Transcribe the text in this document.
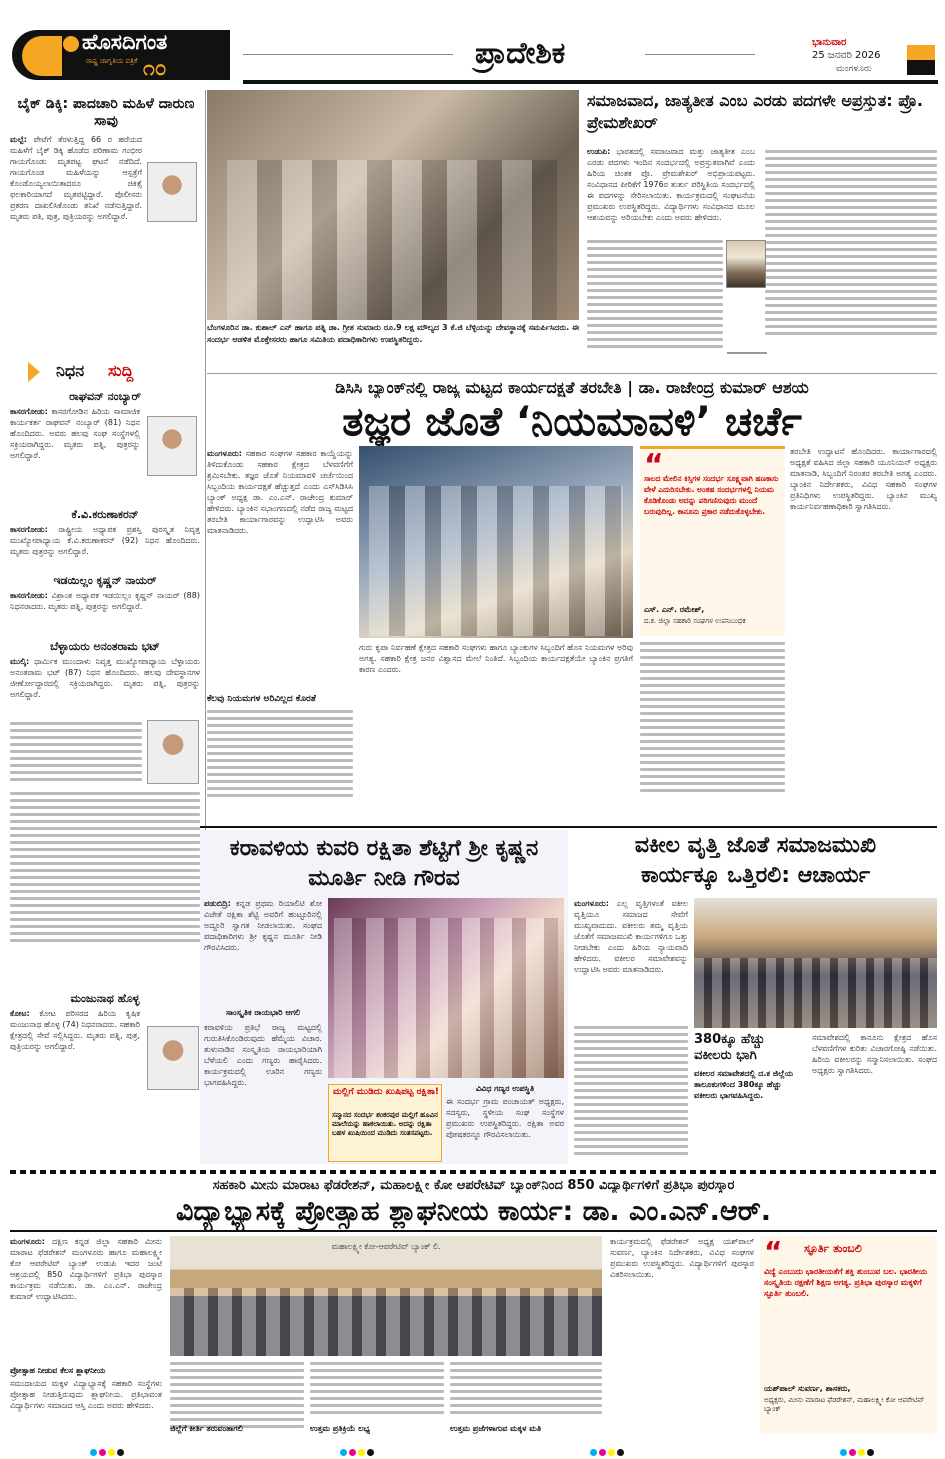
ಹೊಸದಿಗಂತ
ರಾಷ್ಟ್ರ ಜಾಗೃತಿಯ ಪತ್ರಿಕೆ ೧೦	ಪ್ರಾದೇಶಿಕ	ಭಾನುವಾರ
25 ಜನವರಿ 2026
ಮಂಗಳೂರು
ಬೈಕ್ ಡಿಕ್ಕಿ: ಪಾದಚಾರಿ ಮಹಿಳೆ ದಾರುಣ ಸಾವು
ಮಲ್ಪೆ: ಪೇಟೆಗೆ ತೆರಳುತ್ತಿದ್ದ 66 ರ ಹರೆಯದ ಮಹಿಳೆಗೆ ಬೈಕ್ ಡಿಕ್ಕಿ ಹೊಡೆದ ಪರಿಣಾಮ ಗಂಭೀರ ಗಾಯಗೊಂಡು ಮೃತಪಟ್ಟ ಘಟನೆ ನಡೆದಿದೆ. ಗಾಯಗೊಂಡ ಮಹಿಳೆಯನ್ನು ಆಸ್ಪತ್ರೆಗೆ ಕೊಂಡೊಯ್ಯಲಾಯಿತಾದರೂ ಚಿಕಿತ್ಸೆ ಫಲಕಾರಿಯಾಗದೆ ಮೃತಪಟ್ಟಿದ್ದಾರೆ. ಪೊಲೀಸರು ಪ್ರಕರಣ ದಾಖಲಿಸಿಕೊಂಡು ತನಿಖೆ ನಡೆಸುತ್ತಿದ್ದಾರೆ. ಮೃತರು ಪತಿ, ಪುತ್ರ, ಪುತ್ರಿಯರನ್ನು ಅಗಲಿದ್ದಾರೆ.
ನಿಧನ ಸುದ್ದಿ
ರಾಘವನ್ ನಂಬ್ಯಾರ್
ಕಾಸರಗೋಡು: ಕಾಸರಗೋಡಿನ ಹಿರಿಯ ಸಾಮಾಜಿಕ ಕಾರ್ಯಕರ್ತ ರಾಘವನ್ ನಂಬ್ಯಾರ್ (81) ನಿಧನ ಹೊಂದಿದರು. ಅವರು ಹಲವು ಸಂಘ ಸಂಸ್ಥೆಗಳಲ್ಲಿ ಸಕ್ರಿಯರಾಗಿದ್ದರು. ಮೃತರು ಪತ್ನಿ, ಪುತ್ರರನ್ನು ಅಗಲಿದ್ದಾರೆ.
ಕೆ.ವಿ.ಕರುಣಾಕರನ್
ಕಾಸರಗೋಡು: ರಾಷ್ಟ್ರೀಯ ಅಧ್ಯಾಪಕ ಪ್ರಶಸ್ತಿ ಪುರಸ್ಕೃತ ನಿವೃತ್ತ ಮುಖ್ಯೋಪಾಧ್ಯಾಯ ಕೆ.ವಿ.ಕರುಣಾಕರನ್ (92) ನಿಧನ ಹೊಂದಿದರು. ಮೃತರು ಪುತ್ರರನ್ನು ಅಗಲಿದ್ದಾರೆ.
ಇಡಯಿಲ್ಲಂ ಕೃಷ್ಣನ್ ನಾಯರ್
ಕಾಸರಗೋಡು: ವಿಶ್ರಾಂತ ಅಧ್ಯಾಪಕ ಇಡಯಿಲ್ಲಂ ಕೃಷ್ಣನ್ ನಾಯರ್ (88) ನಿಧನರಾದರು. ಮೃತರು ಪತ್ನಿ, ಪುತ್ರರನ್ನು ಅಗಲಿದ್ದಾರೆ.
ಬೆಳ್ಳಾಯರು ಅನಂತರಾಮ ಭಟ್
ಮುಲ್ಕಿ: ಧಾರ್ಮಿಕ ಮುಂದಾಳು ನಿವೃತ್ತ ಮುಖ್ಯೋಪಾಧ್ಯಾಯ ಬೆಳ್ಳಾಯರು ಅನಂತರಾಮ ಭಟ್ (87) ನಿಧನ ಹೊಂದಿದರು. ಹಲವು ದೇವಸ್ಥಾನಗಳ ಜೀರ್ಣೋದ್ಧಾರದಲ್ಲಿ ಸಕ್ರಿಯರಾಗಿದ್ದರು. ಮೃತರು ಪತ್ನಿ, ಪುತ್ರರನ್ನು ಅಗಲಿದ್ದಾರೆ.
ಮಂಜುನಾಥ ಹೊಳ್ಳ
ಕೋಟ: ಕೋಟ ಪರಿಸರದ ಹಿರಿಯ ಕೃಷಿಕ ಮಂಜುನಾಥ ಹೊಳ್ಳ (74) ನಿಧನರಾದರು. ಸಹಕಾರಿ ಕ್ಷೇತ್ರದಲ್ಲಿ ಸೇವೆ ಸಲ್ಲಿಸಿದ್ದರು. ಮೃತರು ಪತ್ನಿ, ಪುತ್ರ, ಪುತ್ರಿಯರನ್ನು ಅಗಲಿದ್ದಾರೆ.
ಬೆಂಗಳೂರಿನ ಡಾ. ಕುಶಾಲ್ ಎನ್ ಹಾಗೂ ಪತ್ನಿ ಡಾ. ಗ್ರೀತ ಸುಮಾರು ರೂ.9 ಲಕ್ಷ ಮೌಲ್ಯದ 3 ಕೆ.ಜಿ ಬೆಳ್ಳಿಯನ್ನು ದೇವಸ್ಥಾನಕ್ಕೆ ಸಮರ್ಪಿಸಿದರು. ಈ ಸಂದರ್ಭ ಆಡಳಿತ ಮೊಕ್ತೇಸರರು ಹಾಗೂ ಸಮಿತಿಯ ಪದಾಧಿಕಾರಿಗಳು ಉಪಸ್ಥಿತರಿದ್ದರು.
ಸಮಾಜವಾದ, ಜಾತ್ಯತೀತ ಎಂಬ ಎರಡು ಪದಗಳೇ ಅಪ್ರಸ್ತುತ: ಪ್ರೊ. ಪ್ರೇಮಶೇಖರ್
ಉಡುಪಿ: ಭಾರತದಲ್ಲಿ ಸಮಾಜವಾದ ಮತ್ತು ಜಾತ್ಯತೀತ ಎಂಬ ಎರಡು ಪದಗಳು ಇಂದಿನ ಸಂದರ್ಭದಲ್ಲಿ ಅಪ್ರಸ್ತುತವಾಗಿವೆ ಎಂದು ಹಿರಿಯ ಚಿಂತಕ ಪ್ರೊ. ಪ್ರೇಮಶೇಖರ್ ಅಭಿಪ್ರಾಯಪಟ್ಟರು. ಸಂವಿಧಾನದ ಪೀಠಿಕೆಗೆ 1976ರ ತುರ್ತು ಪರಿಸ್ಥಿತಿಯ ಸಂದರ್ಭದಲ್ಲಿ ಈ ಪದಗಳನ್ನು ಸೇರಿಸಲಾಯಿತು. ಕಾರ್ಯಕ್ರಮದಲ್ಲಿ ಸಂಘಟನೆಯ ಪ್ರಮುಖರು ಉಪಸ್ಥಿತರಿದ್ದರು. ವಿದ್ಯಾರ್ಥಿಗಳು ಸಂವಿಧಾನದ ಮೂಲ ಆಶಯವನ್ನು ಅರಿಯಬೇಕು ಎಂದು ಅವರು ಹೇಳಿದರು.
ಡಿಸಿಸಿ ಬ್ಯಾಂಕ್‌ನಲ್ಲಿ ರಾಜ್ಯ ಮಟ್ಟದ ಕಾರ್ಯದಕ್ಷತೆ ತರಬೇತಿ | ಡಾ. ರಾಜೇಂದ್ರ ಕುಮಾರ್ ಆಶಯ
ತಜ್ಞರ ಜೊತೆ ‘ನಿಯಮಾವಳಿ’ ಚರ್ಚೆ
ಮಂಗಳೂರು: ಸಹಕಾರ ಸಂಘಗಳ ಸಹಕಾರ ಕಾಯ್ದೆಯನ್ನು ತಿಳಿದುಕೊಂಡು ಸಹಕಾರ ಕ್ಷೇತ್ರದ ಬೆಳವಣಿಗೆಗೆ ಶ್ರಮಿಸಬೇಕು. ತಜ್ಞರ ಜೊತೆ ನಿಯಮಾವಳಿ ಚರ್ಚೆಯಿಂದ ಸಿಬ್ಬಂದಿಯ ಕಾರ್ಯದಕ್ಷತೆ ಹೆಚ್ಚುತ್ತದೆ ಎಂದು ಎಸ್‌ಸಿಡಿಸಿಸಿ ಬ್ಯಾಂಕ್ ಅಧ್ಯಕ್ಷ ಡಾ. ಎಂ.ಎನ್. ರಾಜೇಂದ್ರ ಕುಮಾರ್ ಹೇಳಿದರು. ಬ್ಯಾಂಕಿನ ಸಭಾಂಗಣದಲ್ಲಿ ನಡೆದ ರಾಜ್ಯ ಮಟ್ಟದ ತರಬೇತಿ ಕಾರ್ಯಾಗಾರವನ್ನು ಉದ್ಘಾಟಿಸಿ ಅವರು ಮಾತನಾಡಿದರು.
ಕೆಲವು ನಿಯಮಗಳ ಅರಿವಿಲ್ಲದ ಕೊರತೆ
ಗುರು ಕೃಪಾ ನಿರ್ವಹಣೆ ಕ್ಷೇತ್ರದ ಸಹಕಾರಿ ಸಂಘಗಳು ಹಾಗೂ ಬ್ಯಾಂಕುಗಳ ಸಿಬ್ಬಂದಿಗೆ ಹೊಸ ನಿಯಮಗಳ ಅರಿವು ಅಗತ್ಯ. ಸಹಕಾರಿ ಕ್ಷೇತ್ರ ಜನರ ವಿಶ್ವಾಸದ ಮೇಲೆ ನಿಂತಿದೆ. ಸಿಬ್ಬಂದಿಯ ಕಾರ್ಯದಕ್ಷತೆಯೇ ಬ್ಯಾಂಕಿನ ಪ್ರಗತಿಗೆ ಕಾರಣ ಎಂದರು.
“
ಸಾಲದ ಮೇಲಿನ ಕಿಸ್ತಿಗಳ ಸಂದರ್ಭ ಸೂಕ್ಷ್ಮವಾಗಿ ಹಣಕಾಸು ವೇಳೆ ಎದುರಿಸಬೇಕು. ಅಂತಹ ಸಂದರ್ಭಗಳಲ್ಲಿ ನಿಯಮ ಕೊಡಿಕೊಂಡು ಅದನ್ನು ಪರಿಗಣಿಸುವುದು ಮುಂದೆ ಬರುವುದಿಲ್ಲ. ಕಾನೂನು ಪ್ರಕಾರ ನಡೆದುಕೊಳ್ಳಬೇಕು.
ಎಸ್. ಎನ್. ರಮೇಶ್,
ದ.ಕ. ಜಿಲ್ಲಾ ಸಹಕಾರಿ ಸಂಘಗಳ ಉಪನಿಬಂಧಕ
ತರಬೇತಿ ಉದ್ಘಾಟನೆ ಹೊಂದಿದರು. ಕಾರ್ಯಾಗಾರದಲ್ಲಿ ಅಧ್ಯಕ್ಷತೆ ವಹಿಸಿದ ಜಿಲ್ಲಾ ಸಹಕಾರಿ ಯೂನಿಯನ್ ಅಧ್ಯಕ್ಷರು ಮಾತನಾಡಿ, ಸಿಬ್ಬಂದಿಗೆ ನಿರಂತರ ತರಬೇತಿ ಅಗತ್ಯ ಎಂದರು. ಬ್ಯಾಂಕಿನ ನಿರ್ದೇಶಕರು, ವಿವಿಧ ಸಹಕಾರಿ ಸಂಘಗಳ ಪ್ರತಿನಿಧಿಗಳು ಉಪಸ್ಥಿತರಿದ್ದರು. ಬ್ಯಾಂಕಿನ ಮುಖ್ಯ ಕಾರ್ಯನಿರ್ವಹಣಾಧಿಕಾರಿ ಸ್ವಾಗತಿಸಿದರು.
ಕರಾವಳಿಯ ಕುವರಿ ರಕ್ಷಿತಾ ಶೆಟ್ಟಿಗೆ ಶ್ರೀ ಕೃಷ್ಣನ ಮೂರ್ತಿ ನೀಡಿ ಗೌರವ
ಪಡುಬಿದ್ರಿ: ಕನ್ನಡ ಪ್ರಥಮ ರಿಯಾಲಿಟಿ ಶೋ ವಿಜೇತೆ ರಕ್ಷಿತಾ ಶೆಟ್ಟಿ ಅವರಿಗೆ ಹುಟ್ಟೂರಿನಲ್ಲಿ ಅದ್ದೂರಿ ಸ್ವಾಗತ ನೀಡಲಾಯಿತು. ಸಂಘದ ಪದಾಧಿಕಾರಿಗಳು ಶ್ರೀ ಕೃಷ್ಣನ ಮೂರ್ತಿ ನೀಡಿ ಗೌರವಿಸಿದರು.
ಸಾಂಸ್ಕೃತಿಕ ರಾಯಭಾರಿ ಆಗಲಿ
ಕರಾವಳಿಯ ಪ್ರತಿಭೆ ರಾಜ್ಯ ಮಟ್ಟದಲ್ಲಿ ಗುರುತಿಸಿಕೊಂಡಿರುವುದು ಹೆಮ್ಮೆಯ ವಿಚಾರ. ತುಳುನಾಡಿನ ಸಂಸ್ಕೃತಿಯ ರಾಯಭಾರಿಯಾಗಿ ಬೆಳೆಯಲಿ ಎಂದು ಗಣ್ಯರು ಹಾರೈಸಿದರು. ಕಾರ್ಯಕ್ರಮದಲ್ಲಿ ಊರಿನ ಗಣ್ಯರು ಭಾಗವಹಿಸಿದ್ದರು.
ಮಲ್ಲಿಗೆ ಮುಡಿದು ಖುಷಿಪಟ್ಟ ರಕ್ಷಿತಾ!
ಸನ್ಮಾನದ ಸಂದರ್ಭ ಶಂಕರಪುರ ಮಲ್ಲಿಗೆ ಹೂವಿನ ಮಾಲೆಯನ್ನು ಹಾಕಲಾಯಿತು. ಅದನ್ನು ರಕ್ಷಿತಾ ಬಹಳ ಖುಷಿಯಿಂದ ಮುಡಿದು ಸಂತಸಪಟ್ಟರು.
ವಿವಿಧ ಗಣ್ಯರ ಉಪಸ್ಥಿತಿ
ಈ ಸಂದರ್ಭ ಗ್ರಾಮ ಪಂಚಾಯತ್ ಅಧ್ಯಕ್ಷರು, ಸದಸ್ಯರು, ಸ್ಥಳೀಯ ಸಂಘ ಸಂಸ್ಥೆಗಳ ಪ್ರಮುಖರು ಉಪಸ್ಥಿತರಿದ್ದರು. ರಕ್ಷಿತಾ ಅವರ ಪೋಷಕರನ್ನೂ ಗೌರವಿಸಲಾಯಿತು.
ವಕೀಲ ವೃತ್ತಿ ಜೊತೆ ಸಮಾಜಮುಖಿ
ಕಾರ್ಯಕ್ಕೂ ಒತ್ತಿರಲಿ: ಆಚಾರ್ಯ
ಮಂಗಳೂರು: ಎಲ್ಲ ವೃತ್ತಿಗಳಂತೆ ವಕೀಲ ವೃತ್ತಿಯೂ ಸಮಾಜದ ಸೇವೆಗೆ ಮುಖ್ಯವಾದುದು. ವಕೀಲರು ತಮ್ಮ ವೃತ್ತಿಯ ಜೊತೆಗೆ ಸಮಾಜಮುಖಿ ಕಾರ್ಯಗಳಿಗೂ ಒತ್ತು ನೀಡಬೇಕು ಎಂದು ಹಿರಿಯ ನ್ಯಾಯವಾದಿ ಹೇಳಿದರು. ವಕೀಲರ ಸಮಾವೇಶವನ್ನು ಉದ್ಘಾಟಿಸಿ ಅವರು ಮಾತನಾಡಿದರು.
380ಕ್ಕೂ ಹೆಚ್ಚು ವಕೀಲರು ಭಾಗಿ
ವಕೀಲರ ಸಮಾವೇಶದಲ್ಲಿ ದ.ಕ ಜಿಲ್ಲೆಯ ತಾಲೂಕುಗಳಿಂದ 380ಕ್ಕೂ ಹೆಚ್ಚು ವಕೀಲರು ಭಾಗವಹಿಸಿದ್ದರು.
ಸಮಾವೇಶದಲ್ಲಿ ಕಾನೂನು ಕ್ಷೇತ್ರದ ಹೊಸ ಬೆಳವಣಿಗೆಗಳ ಕುರಿತು ವಿಚಾರಗೋಷ್ಠಿ ನಡೆಯಿತು. ಹಿರಿಯ ವಕೀಲರನ್ನು ಸನ್ಮಾನಿಸಲಾಯಿತು. ಸಂಘದ ಅಧ್ಯಕ್ಷರು ಸ್ವಾಗತಿಸಿದರು.
ಸಹಕಾರಿ ಮೀನು ಮಾರಾಟ ಫೆಡರೇಶನ್, ಮಹಾಲಕ್ಷ್ಮೀ ಕೋ ಆಪರೇಟಿವ್ ಬ್ಯಾಂಕ್‌ನಿಂದ 850 ವಿದ್ಯಾರ್ಥಿಗಳಿಗೆ ಪ್ರತಿಭಾ ಪುರಸ್ಕಾರ
ವಿದ್ಯಾಭ್ಯಾಸಕ್ಕೆ ಪ್ರೋತ್ಸಾಹ ಶ್ಲಾಘನೀಯ ಕಾರ್ಯ: ಡಾ. ಎಂ.ಎನ್.ಆರ್.
ಮಂಗಳೂರು: ದಕ್ಷಿಣ ಕನ್ನಡ ಜಿಲ್ಲಾ ಸಹಕಾರಿ ಮೀನು ಮಾರಾಟ ಫೆಡರೇಶನ್ ಮಂಗಳೂರು ಹಾಗೂ ಮಹಾಲಕ್ಷ್ಮೀ ಕೋ ಆಪರೇಟಿವ್ ಬ್ಯಾಂಕ್ ಉಡುಪಿ ಇದರ ಜಂಟಿ ಆಶ್ರಯದಲ್ಲಿ 850 ವಿದ್ಯಾರ್ಥಿಗಳಿಗೆ ಪ್ರತಿಭಾ ಪುರಸ್ಕಾರ ಕಾರ್ಯಕ್ರಮ ನಡೆಯಿತು. ಡಾ. ಎಂ.ಎನ್. ರಾಜೇಂದ್ರ ಕುಮಾರ್ ಉದ್ಘಾಟಿಸಿದರು.
ಪ್ರೋತ್ಸಾಹ ನೀಡುವ ಕೆಲಸ ಶ್ಲಾಘನೀಯ
ಸಮುದಾಯದ ಮಕ್ಕಳ ವಿದ್ಯಾಭ್ಯಾಸಕ್ಕೆ ಸಹಕಾರಿ ಸಂಸ್ಥೆಗಳು ಪ್ರೋತ್ಸಾಹ ನೀಡುತ್ತಿರುವುದು ಶ್ಲಾಘನೀಯ. ಪ್ರತಿಭಾವಂತ ವಿದ್ಯಾರ್ಥಿಗಳು ಸಮಾಜದ ಆಸ್ತಿ ಎಂದು ಅವರು ಹೇಳಿದರು.
ಮಹಾಲಕ್ಷ್ಮೀ ಕೋ-ಆಪರೇಟಿವ್ ಬ್ಯಾಂಕ್ ಲಿ.
ಜಿಲ್ಲೆಗೆ ಕೀರ್ತಿ ತರುವಂತಾಗಲಿ	ಉತ್ತಮ ಪ್ರತಿಕ್ರಿಯೆ ಲಭ್ಯ	ಉತ್ತಮ ಪ್ರಜೆಗಳಾಗುವ ಮಕ್ಕಳ ಮತಿ
ಕಾರ್ಯಕ್ರಮದಲ್ಲಿ ಫೆಡರೇಶನ್ ಅಧ್ಯಕ್ಷ ಯಶ್‌ಪಾಲ್ ಸುವರ್ಣ, ಬ್ಯಾಂಕಿನ ನಿರ್ದೇಶಕರು, ವಿವಿಧ ಸಂಘಗಳ ಪ್ರಮುಖರು ಉಪಸ್ಥಿತರಿದ್ದರು. ವಿದ್ಯಾರ್ಥಿಗಳಿಗೆ ಪುರಸ್ಕಾರ ವಿತರಿಸಲಾಯಿತು.
“ ಸ್ಫೂರ್ತಿ ತುಂಬಲಿ
ವಿದ್ಯೆ ಎಂಬುದು ಭಾರತೀಯತೆಗೆ ಶಕ್ತಿ ತುಂಬುವ ಬಲ. ಭಾರತೀಯ ಸಂಸ್ಕೃತಿಯ ರಕ್ಷಣೆಗೆ ಶಿಕ್ಷಣ ಅಗತ್ಯ. ಪ್ರತಿಭಾ ಪುರಸ್ಕಾರ ಮಕ್ಕಳಿಗೆ ಸ್ಫೂರ್ತಿ ತುಂಬಲಿ.
ಯಶ್‌ಪಾಲ್ ಸುವರ್ಣ, ಶಾಸಕರು,
ಅಧ್ಯಕ್ಷರು, ಮೀನು ಮಾರಾಟ ಫೆಡರೇಶನ್, ಮಹಾಲಕ್ಷ್ಮೀ ಕೋ ಆಪರೇಟಿವ್ ಬ್ಯಾಂಕ್
